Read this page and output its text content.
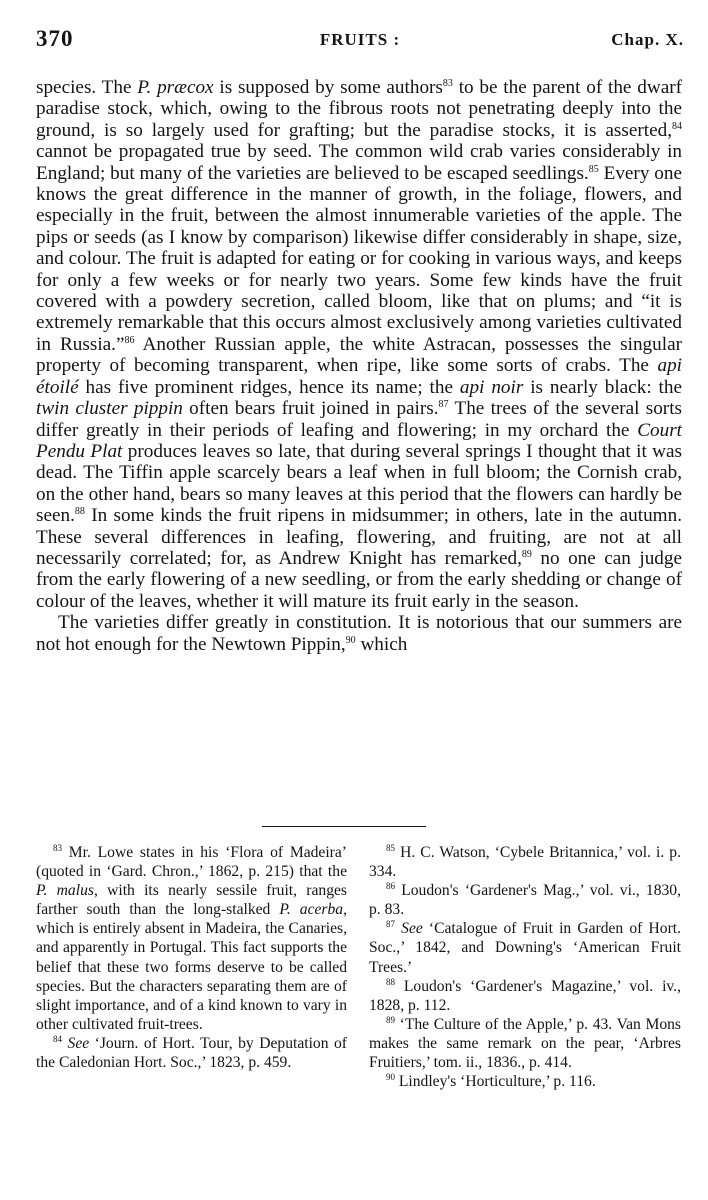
370	FRUITS :	Chap. X.

species. The P. præcox is supposed by some authors$^{83}$ to be the parent of the dwarf paradise stock, which, owing to the fibrous roots not penetrating deeply into the ground, is so largely used for grafting; but the paradise stocks, it is asserted,$^{84}$ cannot be propagated true by seed. The common wild crab varies considerably in England; but many of the varieties are believed to be escaped seedlings.$^{85}$ Every one knows the great difference in the manner of growth, in the foliage, flowers, and especially in the fruit, between the almost innumerable varieties of the apple. The pips or seeds (as I know by comparison) likewise differ considerably in shape, size, and colour. The fruit is adapted for eating or for cooking in various ways, and keeps for only a few weeks or for nearly two years. Some few kinds have the fruit covered with a powdery secretion, called bloom, like that on plums; and “it is extremely remarkable that this occurs almost exclusively among varieties cultivated in Russia.”$^{86}$ Another Russian apple, the white Astracan, possesses the singular property of becoming transparent, when ripe, like some sorts of crabs. The api étoilé has five prominent ridges, hence its name; the api noir is nearly black: the twin cluster pippin often bears fruit joined in pairs.$^{87}$ The trees of the several sorts differ greatly in their periods of leafing and flowering; in my orchard the Court Pendu Plat produces leaves so late, that during several springs I thought that it was dead. The Tiffin apple scarcely bears a leaf when in full bloom; the Cornish crab, on the other hand, bears so many leaves at this period that the flowers can hardly be seen.$^{88}$ In some kinds the fruit ripens in midsummer; in others, late in the autumn. These several differences in leafing, flowering, and fruiting, are not at all necessarily correlated; for, as Andrew Knight has remarked,$^{89}$ no one can judge from the early flowering of a new seedling, or from the early shedding or change of colour of the leaves, whether it will mature its fruit early in the season.

The varieties differ greatly in constitution. It is notorious that our summers are not hot enough for the Newtown Pippin,$^{90}$ which

$^{83}$ Mr. Lowe states in his ‘Flora of Madeira’ (quoted in ‘Gard. Chron.,’ 1862, p. 215) that the P. malus, with its nearly sessile fruit, ranges farther south than the long-stalked P. acerba, which is entirely absent in Madeira, the Canaries, and apparently in Portugal. This fact supports the belief that these two forms deserve to be called species. But the characters separating them are of slight importance, and of a kind known to vary in other cultivated fruit-trees.

$^{84}$ See ‘Journ. of Hort. Tour, by Deputation of the Caledonian Hort. Soc.,’ 1823, p. 459.

$^{85}$ H. C. Watson, ‘Cybele Britannica,’ vol. i. p. 334.

$^{86}$ Loudon's ‘Gardener's Mag.,’ vol. vi., 1830, p. 83.

$^{87}$ See ‘Catalogue of Fruit in Garden of Hort. Soc.,’ 1842, and Downing's ‘American Fruit Trees.’

$^{88}$ Loudon's ‘Gardener's Magazine,’ vol. iv., 1828, p. 112.

$^{89}$ ‘The Culture of the Apple,’ p. 43. Van Mons makes the same remark on the pear, ‘Arbres Fruitiers,’ tom. ii., 1836., p. 414.

$^{90}$ Lindley's ‘Horticulture,’ p. 116.
